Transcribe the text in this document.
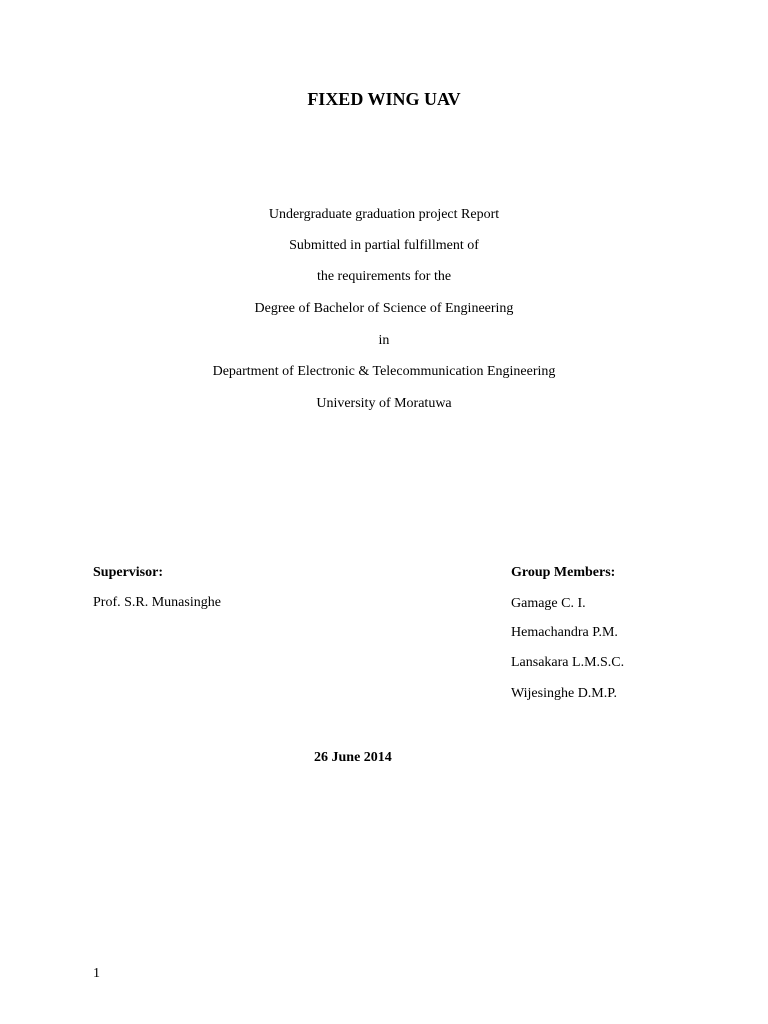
FIXED WING UAV
Undergraduate graduation project Report
Submitted in partial fulfillment of
the requirements for the
Degree of Bachelor of Science of Engineering
in
Department of Electronic & Telecommunication Engineering
University of Moratuwa
Supervisor:
Prof. S.R. Munasinghe
Group Members:
Gamage C. I.
Hemachandra P.M.
Lansakara L.M.S.C.
Wijesinghe D.M.P.
26 June 2014
1
